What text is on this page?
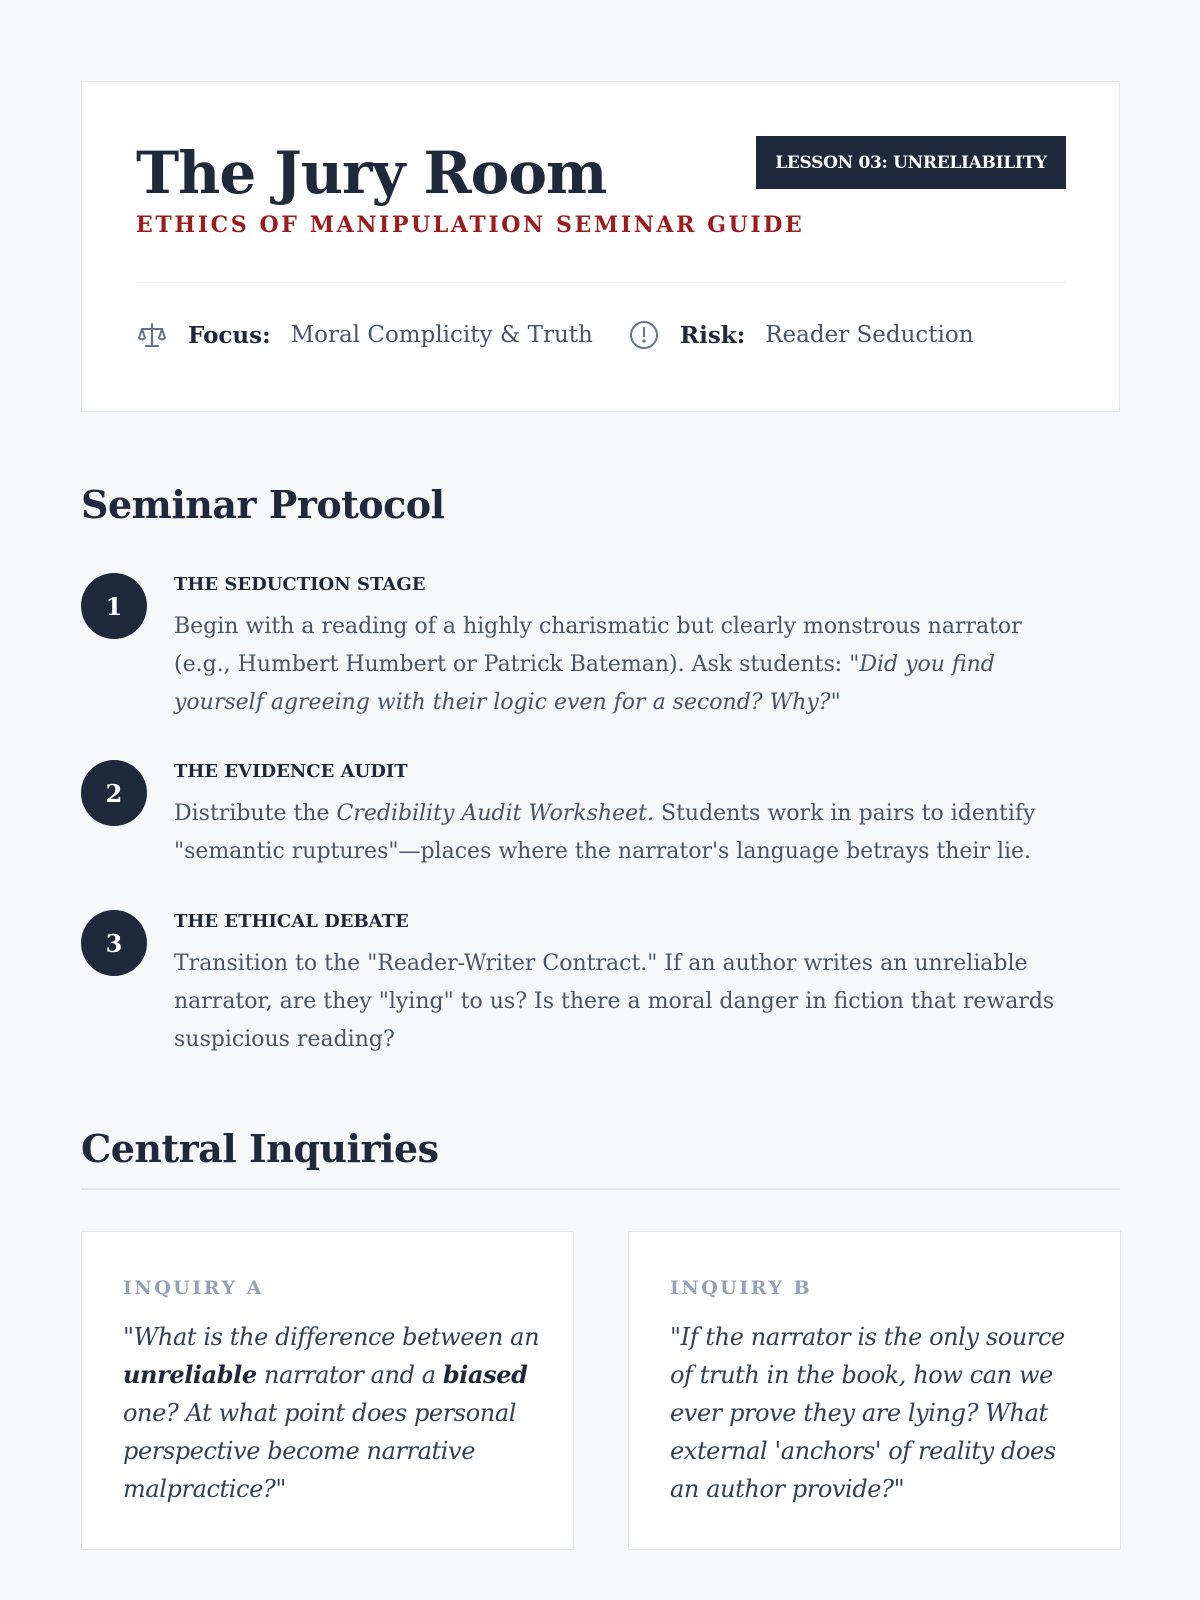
The Jury Room
ETHICS OF MANIPULATION SEMINAR GUIDE
LESSON 03: UNRELIABILITY
Focus: Moral Complicity & Truth	Risk: Reader Seduction
Seminar Protocol
1
THE SEDUCTION STAGE
Begin with a reading of a highly charismatic but clearly monstrous narrator (e.g., Humbert Humbert or Patrick Bateman). Ask students: "Did you find yourself agreeing with their logic even for a second? Why?"
2
THE EVIDENCE AUDIT
Distribute the Credibility Audit Worksheet. Students work in pairs to identify "semantic ruptures"—places where the narrator's language betrays their lie.
3
THE ETHICAL DEBATE
Transition to the "Reader-Writer Contract." If an author writes an unreliable narrator, are they "lying" to us? Is there a moral danger in fiction that rewards suspicious reading?
Central Inquiries
INQUIRY A
"What is the difference between an unreliable narrator and a biased one? At what point does personal perspective become narrative malpractice?"
INQUIRY B
"If the narrator is the only source of truth in the book, how can we ever prove they are lying? What external 'anchors' of reality does an author provide?"
